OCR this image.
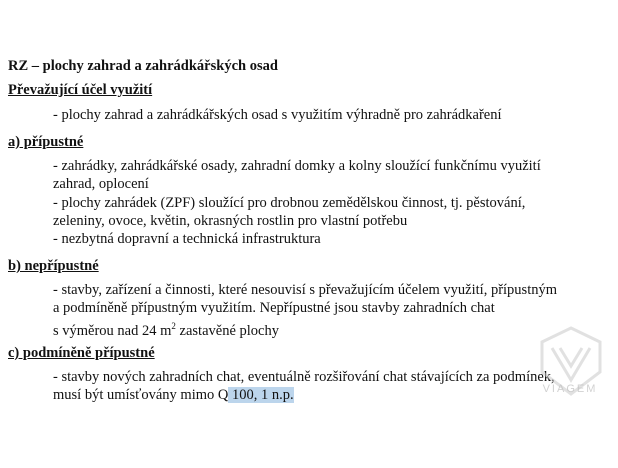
RZ – plochy zahrad a zahrádkářských osad
Převažující účel využití
- plochy zahrad a zahrádkářských osad s využitím výhradně pro zahrádkaření
a) přípustné
- zahrádky, zahrádkářské osady, zahradní domky a kolny sloužící funkčnímu využití
zahrad, oplocení
- plochy zahrádek (ZPF) sloužící pro drobnou zemědělskou činnost, tj. pěstování,
zeleniny, ovoce, květin, okrasných rostlin pro vlastní potřebu
- nezbytná dopravní a technická infrastruktura
b) nepřípustné
- stavby, zařízení a činnosti, které nesouvisí s převažujícím účelem využití, přípustným
a podmíněně přípustným využitím. Nepřípustné jsou stavby zahradních chat
s výměrou nad 24 $m^2$ zastavěné plochy
c) podmíněně přípustné
- stavby nových zahradních chat, eventuálně rozšiřování chat stávajících za podmínek,
musí být umísťovány mimo Q 100, 1 n.p.	VIAGEM
